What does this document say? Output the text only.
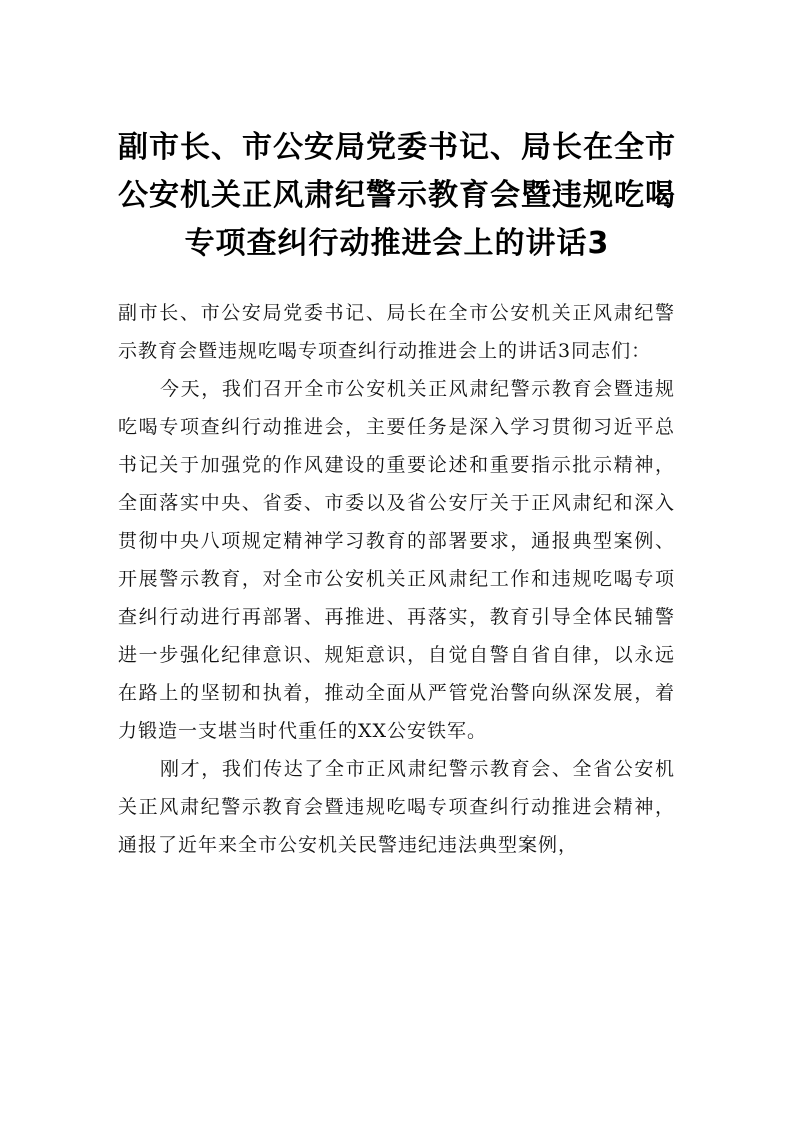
副市长、市公安局党委书记、局长在全市公安机关正风肃纪警示教育会暨违规吃喝专项查纠行动推进会上的讲话3

副市长、市公安局党委书记、局长在全市公安机关正风肃纪警示教育会暨违规吃喝专项查纠行动推进会上的讲话3同志们：

今天，我们召开全市公安机关正风肃纪警示教育会暨违规吃喝专项查纠行动推进会，主要任务是深入学习贯彻习近平总书记关于加强党的作风建设的重要论述和重要指示批示精神，全面落实中央、省委、市委以及省公安厅关于正风肃纪和深入贯彻中央八项规定精神学习教育的部署要求，通报典型案例、开展警示教育，对全市公安机关正风肃纪工作和违规吃喝专项查纠行动进行再部署、再推进、再落实，教育引导全体民辅警进一步强化纪律意识、规矩意识，自觉自警自省自律，以永远在路上的坚韧和执着，推动全面从严管党治警向纵深发展，着力锻造一支堪当时代重任的XX公安铁军。

刚才，我们传达了全市正风肃纪警示教育会、全省公安机关正风肃纪警示教育会暨违规吃喝专项查纠行动推进会精神，通报了近年来全市公安机关民警违纪违法典型案例，
